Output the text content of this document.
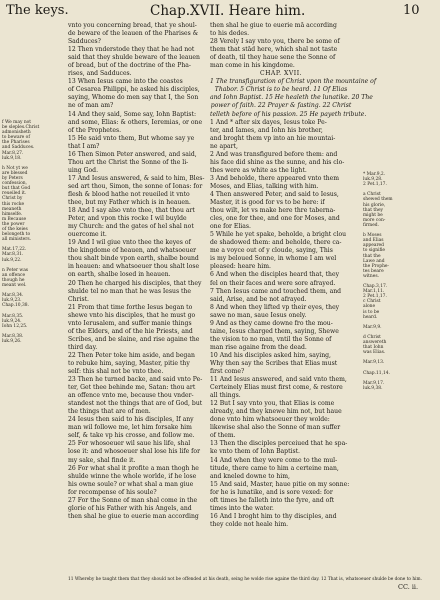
The keys.	Chap.XVII. Heare him.	10
f We may not
be sleples.Christ
admonisheth
to beware of
the Pharises
and Sadduces.
Mar.8,27.
luk.9,18.

h Not yt we
are blessed
by Peters
confession,
but that God
reueiled it.
Christ by
this rocke
meaneth
himselfe.
m Because
the power
of the keies
belongeth to
all ministers.

Mat.17,22.
Mar.8,31.
luk.9,22.

n Peter was
an offence
though he
meant wel.

Mar.8,34.
luk.9,23.
Chap.10,38.

Mar.8,35.
luk.9,24.
Iohn 12,25.

Mar.8,38.
luk.9,26.
vnto you concerning bread, that ye shoul-
de beware of the leauen of the Pharises &
Sadduces?
12 Then vnderstode they that he had not
said that they shulde beware of the leauen
of bread, but of the doctrine of the Pha-
rises, and Sadduces.
13 When Iesus came into the coastes
of Cesarea Philippi, he asked his disciples,
saying, Whome do men say that I, the Son
ne of man am?
14 And they said, Some say, Iohn Baptist:
and some, Elias: & others, Ieremias, or one
of the Prophetes.
15 He said vnto them, But whome say ye
that I am?
16 Then Simon Peter answered, and said,
Thou art the Christ the Sonne of the li-
uing God.
17 And Iesus answered, & said to him, Bles-
sed art thou, Simon, the sonne of Ionas: for
flesh & blood hathe not reueiled it vnto
thee, but my Father which is in heauen.
18 And I say also vnto thee, that thou art
Peter, and vpon this rocke I wil buylde
my Church: and the gates of hel shal not
ouercome it.
19 And I wil giue vnto thee the keyes of
the kingdome of heauen, and whatsoeuer
thou shalt binde vpon earth, shalbe bound
in heauen: and whatsoeuer thou shalt lose
on earth, shalbe losed in heauen.
20 Then he charged his disciples, that they
shulde tel no man that he was Iesus the
Christ.
21 From that time forthe Iesus began to
shewe vnto his disciples, that he must go
vnto Ierusalem, and suffer manie things
of the Elders, and of the hie Priests, and
Scribes, and be slaine, and rise againe the
third day.
22 Then Peter toke him aside, and began
to rebuke him, saying, Master, pitie thy
self: this shal not be vnto thee.
23 Then he turned backe, and said vnto Pe-
ter, Get thee behinde me, Satan: thou art
an offence vnto me, because thou vnder-
standest not the things that are of God, but
the things that are of men.
24 Iesus then said to his disciples, If any
man wil followe me, let him forsake him
self, & take vp his crosse, and follow me.
25 For whosoeuer wil saue his life, shal
lose it: and whosoeuer shal lose his life for
my sake, shal finde it.
26 For what shal it profite a man thogh he
shulde winne the whole worlde, if he lose
his owne soule? or what shal a man giue
for recompense of his soule?
27 For the Sonne of man shal come in the
glorie of his Father with his Angels, and
then shal he giue to euerie man according
then shal he giue to euerie mā according
to his dedes.
28 Verely I say vnto you, there be some of
them that stād here, which shal not taste
of death, til they haue sene the Sonne of
man come in his kingdome.
CHAP. XVII.
1 The transfiguration of Christ vpon the mountaine of
Thabor. 5 Christ is to be heard. 11 Of Elias
and Iohn Baptist. 15 He healeth the lunatike. 20 The
power of faith. 22 Prayer & fasting. 22 Christ
telleth before of his passion. 25 He payeth tribute.
1 And * after six dayes, Iesus toke Pe-
ter, and Iames, and Iohn his brother,
and broght them vp into an hie mountai-
ne apart,
2 And was transfigured before them: and
his face did shine as the sunne, and his clo-
thes were as white as the light.
3 And beholde, there appeared vnto them
Moses, and Elias, talking with him.
4 Then answered Peter, and said to Iesus,
Master, it is good for vs to be here: if
thou wilt, let vs make here thre taberna-
cles, one for thee, and one for Moses, and
one for Elias.
5 While he yet spake, beholde, a bright clou
de shadowed them: and beholde, there ca-
me a voyce out of y cloude, saying, This
is my beloued Sonne, in whome I am wel
pleased: heare him.
6 And when the disciples heard that, they
fel on their faces and were sore afrayed.
7 Then Iesus came and touched them, and
said, Arise, and be not afrayed.
8 And when they lifted vp their eyes, they
sawe no man, saue Iesus onely.
9 And as they came downe fro the mou-
taine, Iesus charged them, saying, Shewe
the vision to no man, vntil the Sonne of
man rise againe from the dead.
10 And his disciples asked him, saying,
Why then say the Scribes that Elias must
first come?
11 And Iesus answered, and said vnto them,
Certeinely Elias must first come, & restore
all things.
12 But I say vnto you, that Elias is come
already, and they knewe him not, but haue
done vnto him whatsoeuer they wolde:
likewise shal also the Sonne of man suffer
of them.
13 Then the disciples perceiued that he spa-
ke vnto them of Iohn Baptist.
14 And when they were come to the mul-
titude, there came to him a certeine man,
and kneled downe to him,
15 And said, Master, haue pitie on my sonne:
for he is lunatike, and is sore vexed: for
oft times he falleth into the fyre, and oft
times into the water.
16 And I broght him to thy disciples, and
they colde not heale him.
* Mar.9,2.
luk.9,28.
2 Pet.1,17.

a Christ
shewed them
his glorie,
that they
might be
more con-
firmed.

b Moses
and Elias
appeared
to signifie
that the
Lawe and
the Prophe-
tes beare
witnes.

Chap.3,17.
Mar.1,11.
2 Pet.1,17.
c Christ
alone
is to be
heard.

Mar.9,9.

d Christ
answereth
that Iohn
was Elias.

Mar.9,13.

Chap.11,14.

Mar.9,17.
luk.9,38.
11 Whereby he taught them that they should not be offended at his death, seing he wolde rise againe the third day. 12 That is, whatsoeuer shulde be done to him.
CC. ii.
